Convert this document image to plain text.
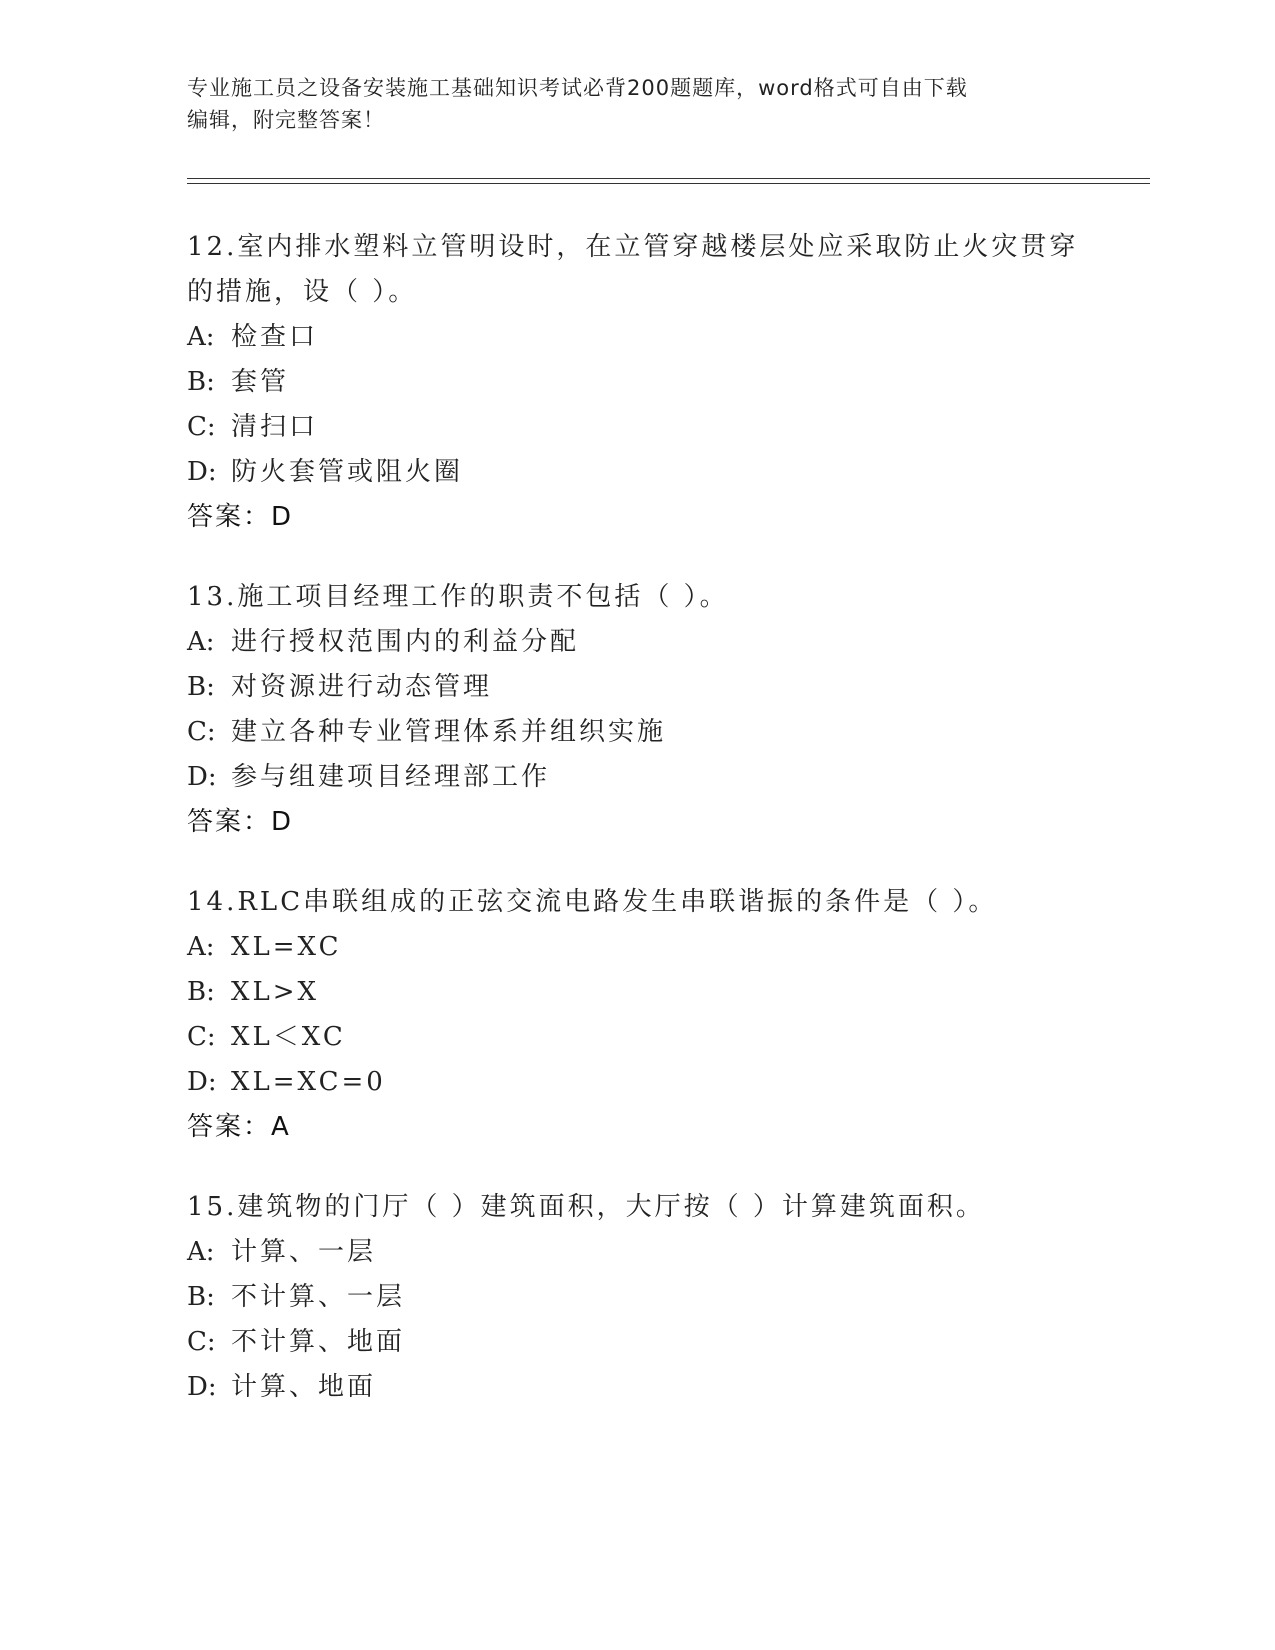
专业施工员之设备安装施工基础知识考试必背200题题库，word格式可自由下载
编辑，附完整答案！
12.室内排水塑料立管明设时，在立管穿越楼层处应采取防止火灾贯穿
的措施，设（ ）。
A: 检查口
B: 套管
C: 清扫口
D: 防火套管或阻火圈
答案：D
13.施工项目经理工作的职责不包括（ ）。
A: 进行授权范围内的利益分配
B: 对资源进行动态管理
C: 建立各种专业管理体系并组织实施
D: 参与组建项目经理部工作
答案：D
14.RLC串联组成的正弦交流电路发生串联谐振的条件是（ ）。
A: XL=XC
B: XL>X
C: XL＜XC
D: XL=XC=0
答案：A
15.建筑物的门厅（ ）建筑面积，大厅按（ ）计算建筑面积。
A: 计算、一层
B: 不计算、一层
C: 不计算、地面
D: 计算、地面
